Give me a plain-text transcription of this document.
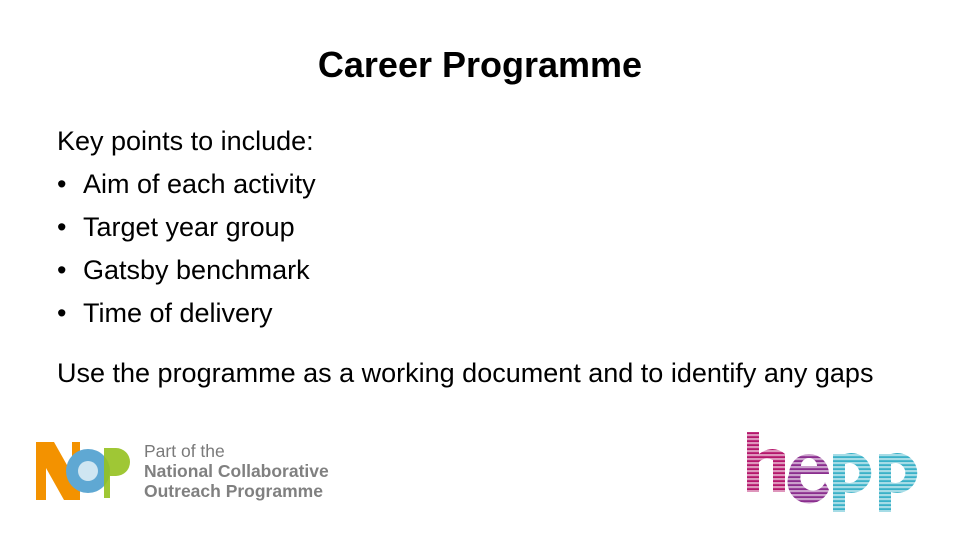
Career Programme
Key points to include:
• Aim of each activity
• Target year group
• Gatsby benchmark
• Time of delivery

Use the programme as a working document and to identify any gaps

Part of the
National Collaborative
Outreach Programme
